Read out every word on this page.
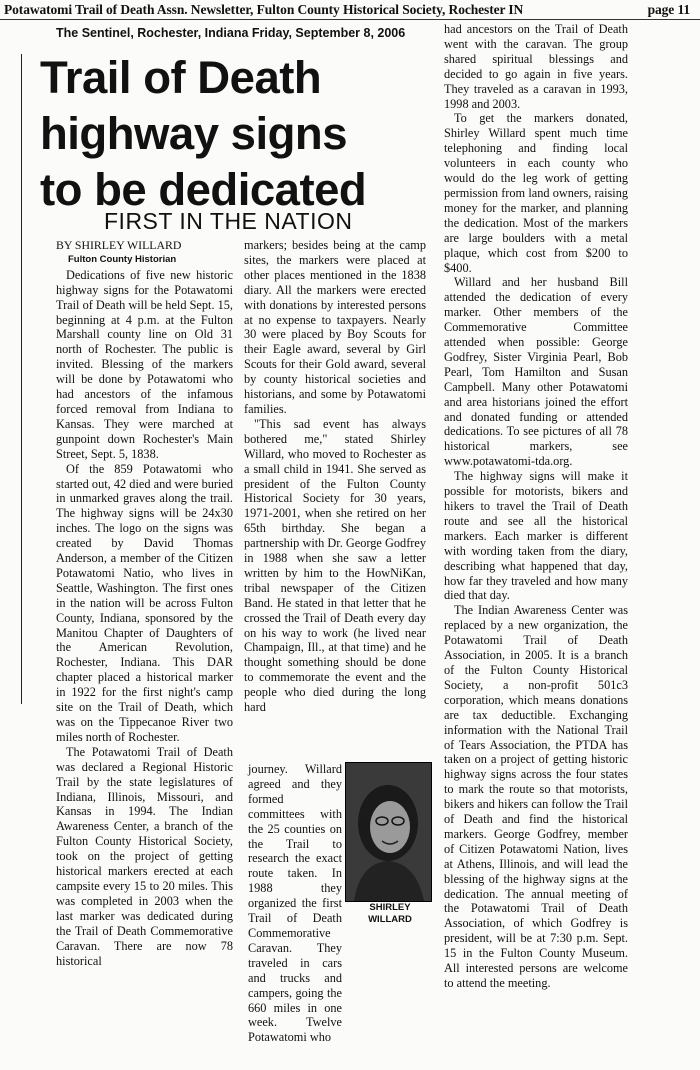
Potawatomi Trail of Death Assn. Newsletter, Fulton County Historical Society, Rochester IN	page 11
The Sentinel, Rochester, Indiana Friday, September 8, 2006
Trail of Death
highway signs
to be dedicated
FIRST IN THE NATION
BY SHIRLEY WILLARD
Fulton County Historian

Dedications of five new historic highway signs for the Potawatomi Trail of Death will be held Sept. 15, beginning at 4 p.m. at the Fulton Marshall county line on Old 31 north of Rochester. The public is invited. Blessing of the markers will be done by Potawatomi who had ancestors of the infamous forced removal from Indiana to Kansas. They were marched at gunpoint down Rochester's Main Street, Sept. 5, 1838.

Of the 859 Potawatomi who started out, 42 died and were buried in unmarked graves along the trail. The highway signs will be 24x30 inches. The logo on the signs was created by David Thomas Anderson, a member of the Citizen Potawatomi Natio, who lives in Seattle, Washington. The first ones in the nation will be across Fulton County, Indiana, sponsored by the Manitou Chapter of Daughters of the American Revolution, Rochester, Indiana. This DAR chapter placed a historical marker in 1922 for the first night's camp site on the Trail of Death, which was on the Tippecanoe River two miles north of Rochester.

The Potawatomi Trail of Death was declared a Regional Historic Trail by the state legislatures of Indiana, Illinois, Missouri, and Kansas in 1994. The Indian Awareness Center, a branch of the Fulton County Historical Society, took on the project of getting historical markers erected at each campsite every 15 to 20 miles. This was completed in 2003 when the last marker was dedicated during the Trail of Death Commemorative Caravan. There are now 78 historical

markers; besides being at the camp sites, the markers were placed at other places mentioned in the 1838 diary. All the markers were erected with donations by interested persons at no expense to taxpayers. Nearly 30 were placed by Boy Scouts for their Eagle award, several by Girl Scouts for their Gold award, several by county historical societies and historians, and some by Potawatomi families.

"This sad event has always bothered me," stated Shirley Willard, who moved to Rochester as a small child in 1941. She served as president of the Fulton County Historical Society for 30 years, 1971-2001, when she retired on her 65th birthday. She began a partnership with Dr. George Godfrey in 1988 when she saw a letter written by him to the HowNiKan, tribal newspaper of the Citizen Band. He stated in that letter that he crossed the Trail of Death every day on his way to work (he lived near Champaign, Ill., at that time) and he thought something should be done to commemorate the event and the people who died during the long hard

journey. Willard agreed and they formed committees with the 25 counties on the Trail to research the exact route taken. In 1988 they organized the first Trail of Death Commemorative Caravan. They traveled in cars and trucks and campers, going the 660 miles in one week. Twelve Potawatomi who

SHIRLEY
WILLARD

had ancestors on the Trail of Death went with the caravan. The group shared spiritual blessings and decided to go again in five years. They traveled as a caravan in 1993, 1998 and 2003.

To get the markers donated, Shirley Willard spent much time telephoning and finding local volunteers in each county who would do the leg work of getting permission from land owners, raising money for the marker, and planning the dedication. Most of the markers are large boulders with a metal plaque, which cost from $200 to $400.

Willard and her husband Bill attended the dedication of every marker. Other members of the Commemorative Committee attended when possible: George Godfrey, Sister Virginia Pearl, Bob Pearl, Tom Hamilton and Susan Campbell. Many other Potawatomi and area historians joined the effort and donated funding or attended dedications. To see pictures of all 78 historical markers, see www.potawatomi-tda.org.

The highway signs will make it possible for motorists, bikers and hikers to travel the Trail of Death route and see all the historical markers. Each marker is different with wording taken from the diary, describing what happened that day, how far they traveled and how many died that day.

The Indian Awareness Center was replaced by a new organization, the Potawatomi Trail of Death Association, in 2005. It is a branch of the Fulton County Historical Society, a non-profit 501c3 corporation, which means donations are tax deductible. Exchanging information with the National Trail of Tears Association, the PTDA has taken on a project of getting historic highway signs across the four states to mark the route so that motorists, bikers and hikers can follow the Trail of Death and find the historical markers. George Godfrey, member of Citizen Potawatomi Nation, lives at Athens, Illinois, and will lead the blessing of the highway signs at the dedication. The annual meeting of the Potawatomi Trail of Death Association, of which Godfrey is president, will be at 7:30 p.m. Sept. 15 in the Fulton County Museum. All interested persons are welcome to attend the meeting.
